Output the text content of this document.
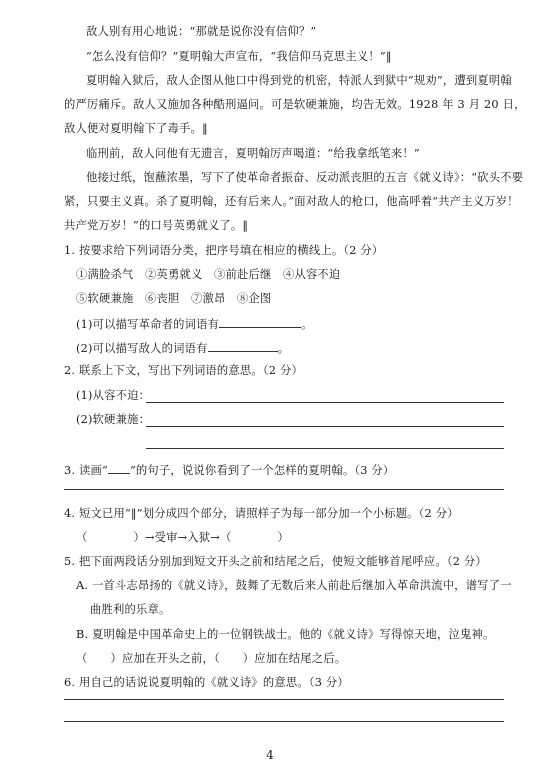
敌人别有用心地说：“那就是说你没有信仰？”
“怎么没有信仰？”夏明翰大声宣布，“我信仰马克思主义！”‖
夏明翰入狱后，敌人企图从他口中得到党的机密，特派人到狱中“规劝”，遭到夏明翰
的严厉痛斥。敌人又施加各种酷刑逼问。可是软硬兼施，均告无效。1928 年 3 月 20 日，
敌人便对夏明翰下了毒手。‖
临刑前，敌人问他有无遗言，夏明翰厉声喝道：“给我拿纸笔来！”
他接过纸，饱蘸浓墨，写下了使革命者振奋、反动派丧胆的五言《就义诗》：“砍头不要
紧，只要主义真。杀了夏明翰，还有后来人。”面对敌人的枪口，他高呼着“共产主义万岁！
共产党万岁！”的口号英勇就义了。‖
1. 按要求给下列词语分类，把序号填在相应的横线上。（2 分）
①满脸杀气　②英勇就义　③前赴后继　④从容不迫
⑤软硬兼施　⑥丧胆　⑦激昂　⑧企图
(1)可以描写革命者的词语有	。
(2)可以描写敌人的词语有	。
2. 联系上下文，写出下列词语的意思。（2 分）
(1)从容不迫：
(2)软硬兼施：
3. 读画“ ”的句子，说说你看到了一个怎样的夏明翰。（3 分）
4. 短文已用“‖”划分成四个部分，请照样子为每一部分加一个小标题。（2 分）
（　　　　）→受审→入狱→（　　　　）
5. 把下面两段话分别加到短文开头之前和结尾之后，使短文能够首尾呼应。（2 分）
A. 一首斗志昂扬的《就义诗》，鼓舞了无数后来人前赴后继加入革命洪流中，谱写了一
曲胜利的乐章。
B. 夏明翰是中国革命史上的一位钢铁战士。他的《就义诗》写得惊天地，泣鬼神。
（　　）应加在开头之前，（　　）应加在结尾之后。
6. 用自己的话说说夏明翰的《就义诗》的意思。（3 分）
4
